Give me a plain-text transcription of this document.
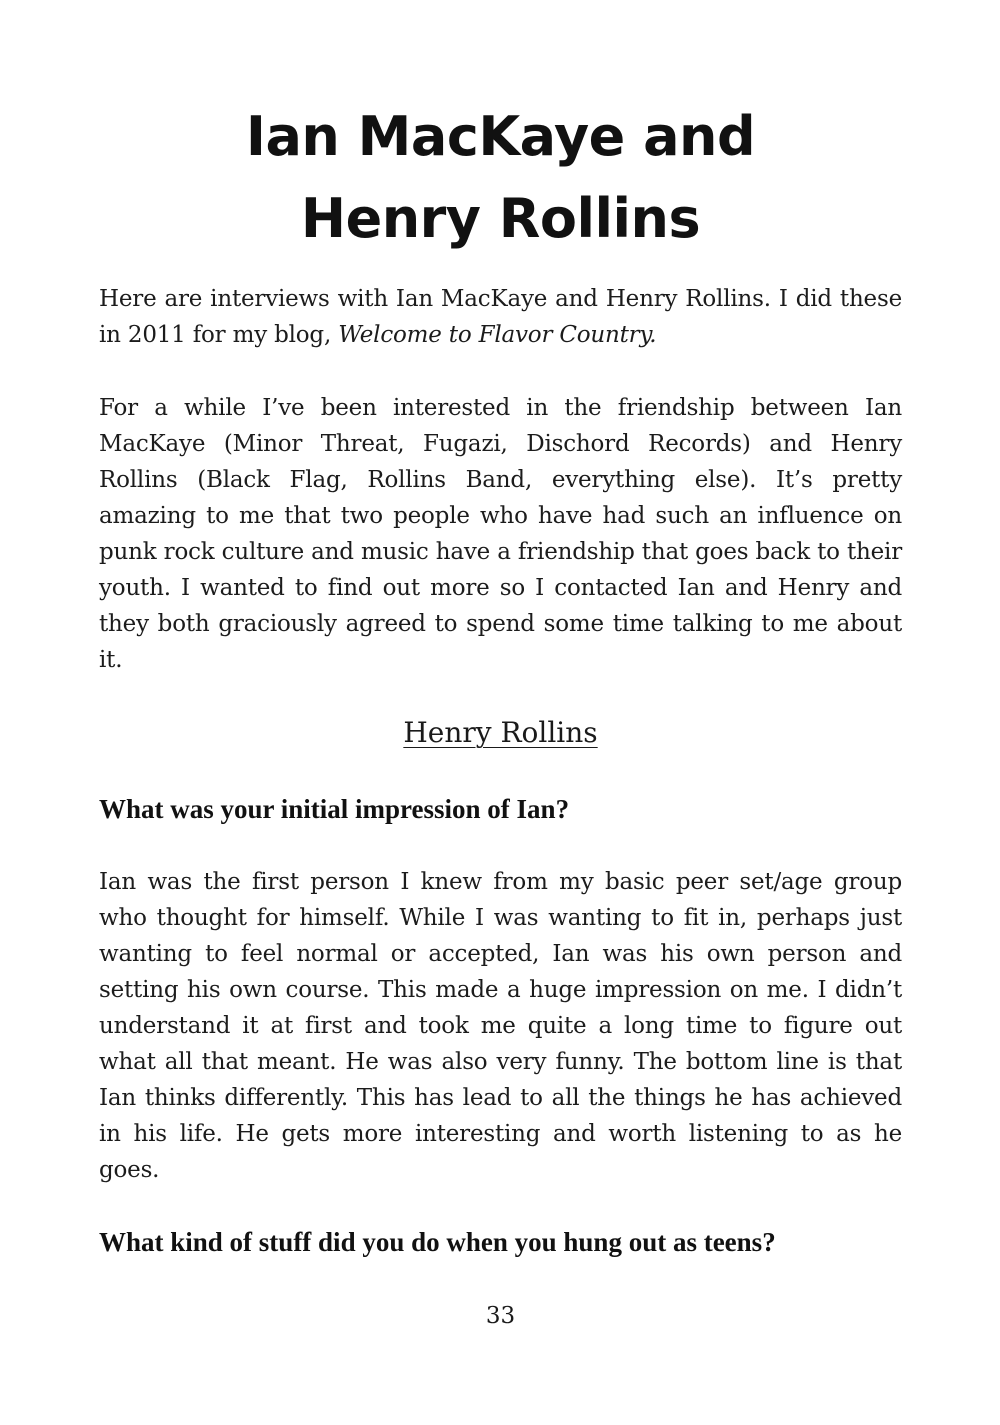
Ian MacKaye and
Henry Rollins

Here are interviews with Ian MacKaye and Henry Rollins. I did these in 2011 for my blog, Welcome to Flavor Country.

For a while I’ve been interested in the friendship between Ian MacKaye (Minor Threat, Fugazi, Dischord Records) and Henry Rollins (Black Flag, Rollins Band, everything else). It’s pretty amazing to me that two people who have had such an influence on punk rock culture and music have a friendship that goes back to their youth. I wanted to find out more so I contacted Ian and Henry and they both graciously agreed to spend some time talking to me about it.

Henry Rollins

What was your initial impression of Ian?

Ian was the first person I knew from my basic peer set/age group who thought for himself. While I was wanting to fit in, perhaps just wanting to feel normal or accepted, Ian was his own person and setting his own course. This made a huge impression on me. I didn’t understand it at first and took me quite a long time to figure out what all that meant. He was also very funny. The bottom line is that Ian thinks differently. This has lead to all the things he has achieved in his life. He gets more interesting and worth listening to as he goes.

What kind of stuff did you do when you hung out as teens?

33
